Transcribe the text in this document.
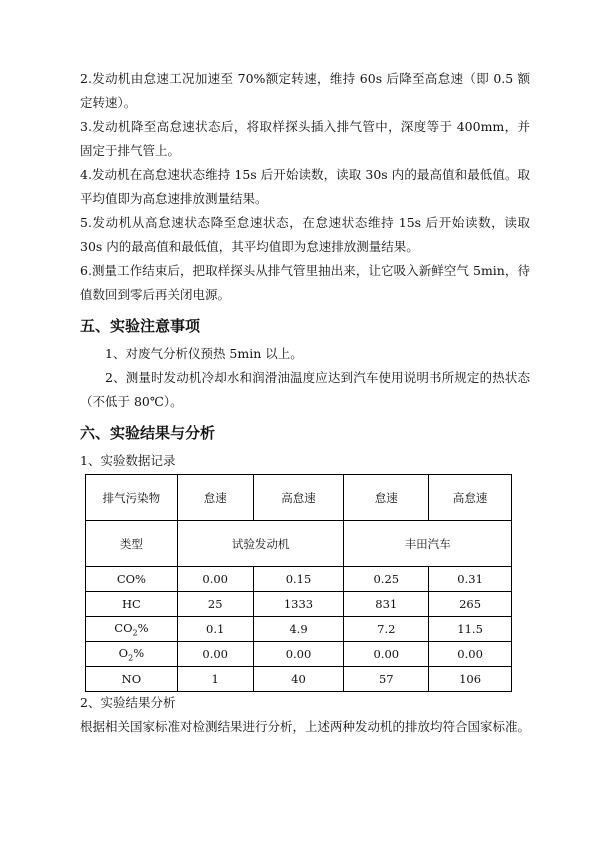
2.发动机由怠速工况加速至 70%额定转速，维持 60s 后降至高怠速（即 0.5 额定转速）。

3.发动机降至高怠速状态后，将取样探头插入排气管中，深度等于 400mm，并固定于排气管上。

4.发动机在高怠速状态维持 15s 后开始读数，读取 30s 内的最高值和最低值。取平均值即为高怠速排放测量结果。

5.发动机从高怠速状态降至怠速状态，在怠速状态维持 15s 后开始读数，读取 30s 内的最高值和最低值，其平均值即为怠速排放测量结果。

6.测量工作结束后，把取样探头从排气管里抽出来，让它吸入新鲜空气 5min，待值数回到零后再关闭电源。

五、实验注意事项

1、对废气分析仪预热 5min 以上。

2、测量时发动机冷却水和润滑油温度应达到汽车使用说明书所规定的热状态（不低于 80℃）。

六、实验结果与分析

1、实验数据记录

排气污染物	怠速	高怠速	怠速	高怠速
类型	试验发动机		丰田汽车	
CO%	0.00	0.15	0.25	0.31
HC	25	1333	831	265
$CO_2\%$	0.1	4.9	7.2	11.5
$O_2\%$	0.00	0.00	0.00	0.00
NO	1	40	57	106

2、实验结果分析

根据相关国家标准对检测结果进行分析，上述两种发动机的排放均符合国家标准。
